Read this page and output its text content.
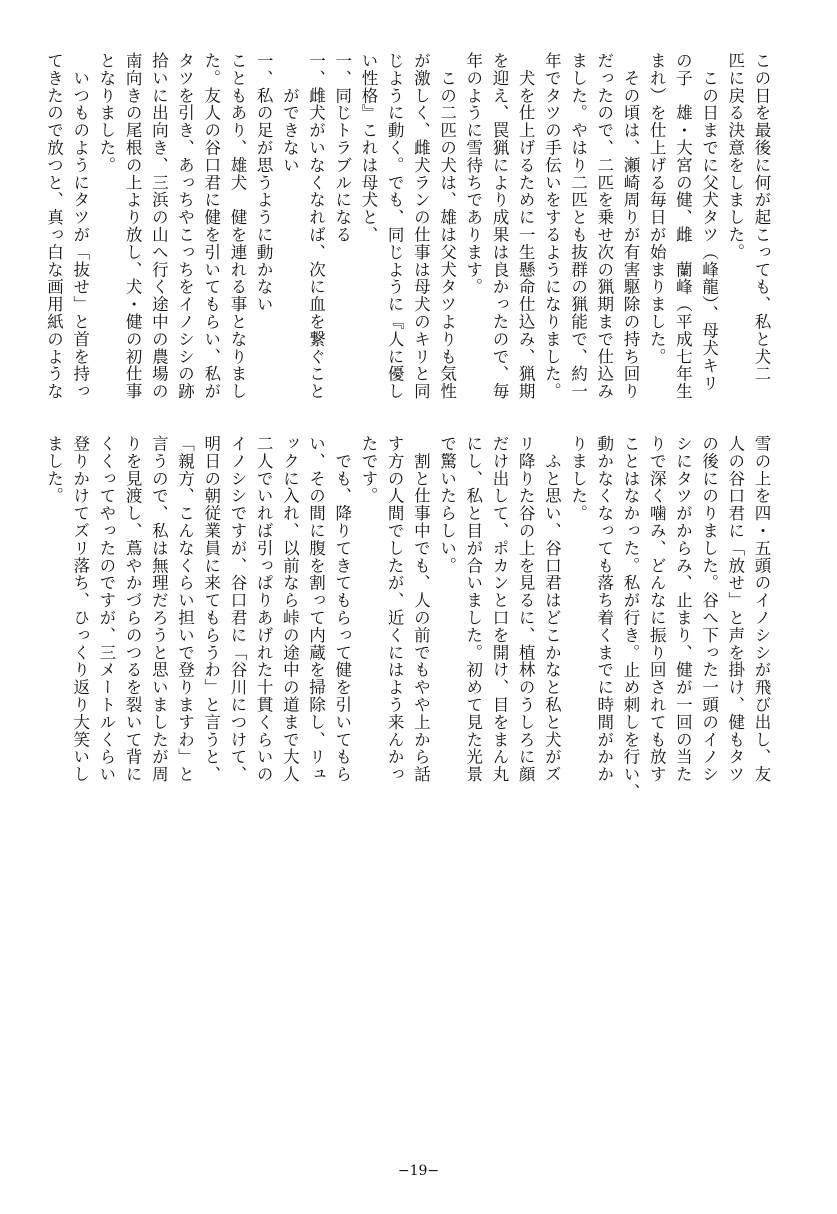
この日を最後に何が起こっても、私と犬二
匹に戻る決意をしました。
　この日までに父犬タツ（峰龍）、母犬キリ
の子　雄・大宮の健、雌　蘭峰（平成七年生
まれ）を仕上げる毎日が始まりました。
　その頃は、瀬崎周りが有害駆除の持ち回り
だったので、二匹を乗せ次の猟期まで仕込み
ました。やはり二匹とも抜群の猟能で、約一
年でタツの手伝いをするようになりました。
　犬を仕上げるために一生懸命仕込み、猟期
を迎え、罠猟により成果は良かったので、毎
年のように雪待ちであります。
　この二匹の犬は、雄は父犬タツよりも気性
が激しく、雌犬ランの仕事は母犬のキリと同
じように動く。でも、同じように『人に優し
い性格』これは母犬と、
一、同じトラブルになる
一、雌犬がいなくなれば、次に血を繋ぐこと
　　ができない
一、私の足が思うように動かない
こともあり、雄犬　健を連れる事となりまし
た。友人の谷口君に健を引いてもらい、私が
タツを引き、あっちやこっちをイノシシの跡
拾いに出向き、三浜の山へ行く途中の農場の
南向きの尾根の上より放し、犬・健の初仕事
となりました。
　いつものようにタツが「抜せ」と首を持っ
てきたので放つと、真っ白な画用紙のような
雪の上を四・五頭のイノシシが飛び出し、友
人の谷口君に「放せ」と声を掛け、健もタツ
の後にのりました。谷へ下った一頭のイノシ
シにタツがからみ、止まり、健が一回の当た
りで深く噛み、どんなに振り回されても放す
ことはなかった。私が行き。止め刺しを行い、
動かなくなっても落ち着くまでに時間がかか
りました。
　ふと思い、谷口君はどこかなと私と犬がズ
リ降りた谷の上を見るに、植林のうしろに顔
だけ出して、ポカンと口を開け、目をまん丸
にし、私と目が合いました。初めて見た光景
で驚いたらしい。
　割と仕事中でも、人の前でもやや上から話
す方の人間でしたが、近くにはよう来んかっ
たです。
　でも、降りてきてもらって健を引いてもら
い、その間に腹を割って内蔵を掃除し、リュ
ックに入れ、以前なら峠の途中の道まで大人
二人でいれば引っぱりあげれた十貫くらいの
イノシシですが、谷口君に「谷川につけて、
明日の朝従業員に来てもらうわ」と言うと、
「親方、こんなくらい担いで登りますわ」と
言うので、私は無理だろうと思いましたが周
りを見渡し、蔦やかづらのつるを裂いて背に
くくってやったのですが、三メートルくらい
登りかけてズリ落ち、ひっくり返り大笑いし
ました。

−19−
